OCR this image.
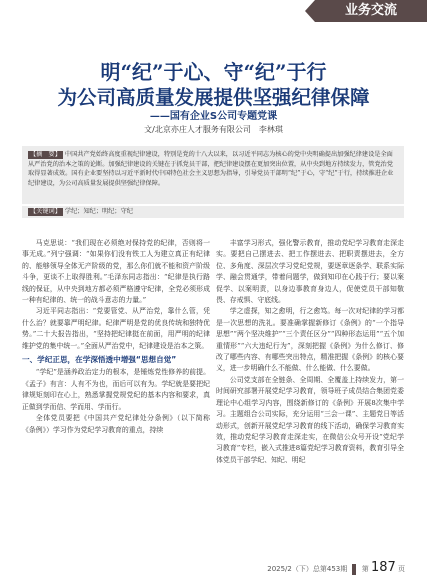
业务交流
明“纪”于心、守“纪”于行
为公司高质量发展提供坚强纪律保障
——国有企业S公司专题党课
文/北京亦庄人才服务有限公司　李林琪
【摘　要】 中国共产党始终高度重视纪律建设，特别是党的十八大以来，以习近平同志为核心的党中央明确提出加强纪律建设是全面从严治党的治本之策的论断。加强纪律建设的关键在于抓党员干部，把纪律建设摆在更加突出位置，从中央到地方持续发力，管党治党取得显著成效。国有企业要坚持以习近平新时代中国特色社会主义思想为指导，引导党员干部明“纪”于心，守“纪”于行，持续推进企业纪律建设，为公司高质量发展提供坚强纪律保障。
【关键词】 学纪；知纪；明纪；守纪

马克思说：“我们现在必须绝对保持党的纪律，否则将一事无成。”列宁强调：“如果你们没有铁工人为建立真正有纪律的、能够领导全体无产阶级的党，那么你们就不能和资产阶级斗争，更谈不上取得胜利。”毛泽东同志指出：“纪律是执行路线的保证，从中央到地方都必须严格遵守纪律，全党必须形成一种有纪律的、统一的战斗意志的力量。”

习近平同志指出：“党要管党、从严治党，靠什么管，凭什么治？就要靠严明纪律。纪律严明是党的优良传统和独特优势。”二十大报告指出，“坚持把纪律挺在前面，用严明的纪律维护党的集中统一。”全面从严治党中，纪律建设是治本之策。

一、学纪正思，在学深悟透中增强“思想自觉”

“学纪”是涵养政治定力的根本，是锤炼党性修养的前提。《孟子》有言：人有不为也，而后可以有为。学纪就是要把纪律规矩刻印在心上，熟悉掌握党规党纪的基本内容和要求，真正做到学而信、学而用、学而行。

全体党员要把《中国共产党纪律处分条例》（以下简称《条例》）学习作为党纪学习教育的重点，持续

丰富学习形式，强化警示教育，推动党纪学习教育走深走实。要把自己摆进去、把工作摆进去、把职责摆进去，全方位、多角度、深层次学习党纪党规，要逐章逐条学、联系实际学、融会贯通学，带着问题学，做到知印在心践于行；要以案促学、以案明责，以身边事教育身边人，促使党员干部知敬畏、存戒惧、守底线。

学之虚探，知之愈明，行之愈笃。每一次对纪律的学习都是一次思想的洗礼。要准确掌握新修订《条例》的“一个指导思想”“两个坚决维护”“三个责任区分”“四种形态运用”“五个加重情形”“六大违纪行为”，深刻把握《条例》为什么修订、修改了哪些内容、有哪些突出特点，精准把握《条例》的核心要义，进一步明确什么不能做、什么能做、什么要做。

公司党支部在全链条、全周期、全覆盖上持续发力，第一时间研究部署开展党纪学习教育，领导班子成员结合集团党委理论中心组学习内容，围绕新修订的《条例》开展8次集中学习。主题组合公司实际，充分运用“三会一课”、主题党日等活动形式，创新开展党纪学习教育的线下活动，确保学习教育实效，推动党纪学习教育走深走实，在微信公众号开设“党纪学习教育”专栏，嵌入式推进8篇党纪学习教育资料，教育引导全体党员干部学纪、知纪、明纪

2025/2（下）总第453期 第 187 页
